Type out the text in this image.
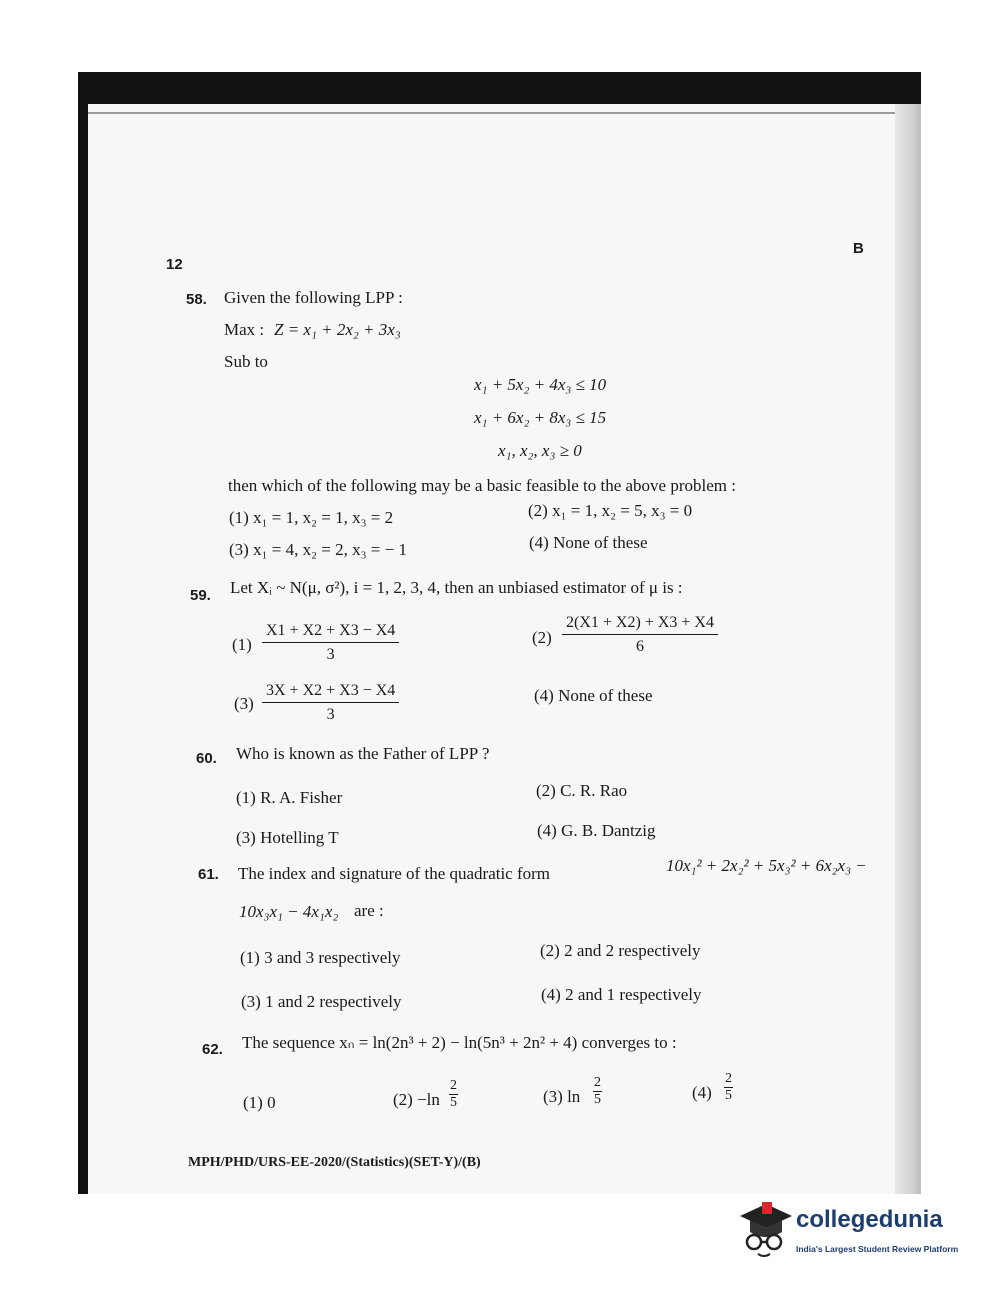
12
B
58. Given the following LPP :
Max : Z = x₁ + 2x₂ + 3x₃
Sub to
x₁ + 5x₂ + 4x₃ ≤ 10
x₁ + 6x₂ + 8x₃ ≤ 15
x₁, x₂, x₃ ≥ 0
then which of the following may be a basic feasible to the above problem :
(1) x₁ = 1, x₂ = 1, x₃ = 2	(2) x₁ = 1, x₂ = 5, x₃ = 0
(3) x₁ = 4, x₂ = 2, x₃ = − 1	(4) None of these
59. Let Xᵢ ~ N(μ, σ²), i = 1, 2, 3, 4, then an unbiased estimator of μ is :
$(1) \frac{X1 + X2 + X3 - X4}{3}$	$(2) \frac{2(X1 + X2) + X3 + X4}{6}$
$(3) \frac{3X + X2 + X3 - X4}{3}$	(4) None of these
60. Who is known as the Father of LPP ?
(1) R. A. Fisher	(2) C. R. Rao
(3) Hotelling T	(4) G. B. Dantzig
61. The index and signature of the quadratic form	10x₁² + 2x₂² + 5x₃² + 6x₂x₃ −
10x₃x₁ − 4x₁x₂ are :
(1) 3 and 3 respectively	(2) 2 and 2 respectively
(3) 1 and 2 respectively	(4) 2 and 1 respectively
62. The sequence xₙ = ln(2n³ + 2) − ln(5n³ + 2n² + 4) converges to :
(1) 0	$(2) -\ln \frac{2}{5}$	(3) $\ln \frac{2}{5}$	$(4) \frac{2}{5}$
MPH/PHD/URS-EE-2020/(Statistics)(SET-Y)/(B)
collegedunia
India's Largest Student Review Platform
